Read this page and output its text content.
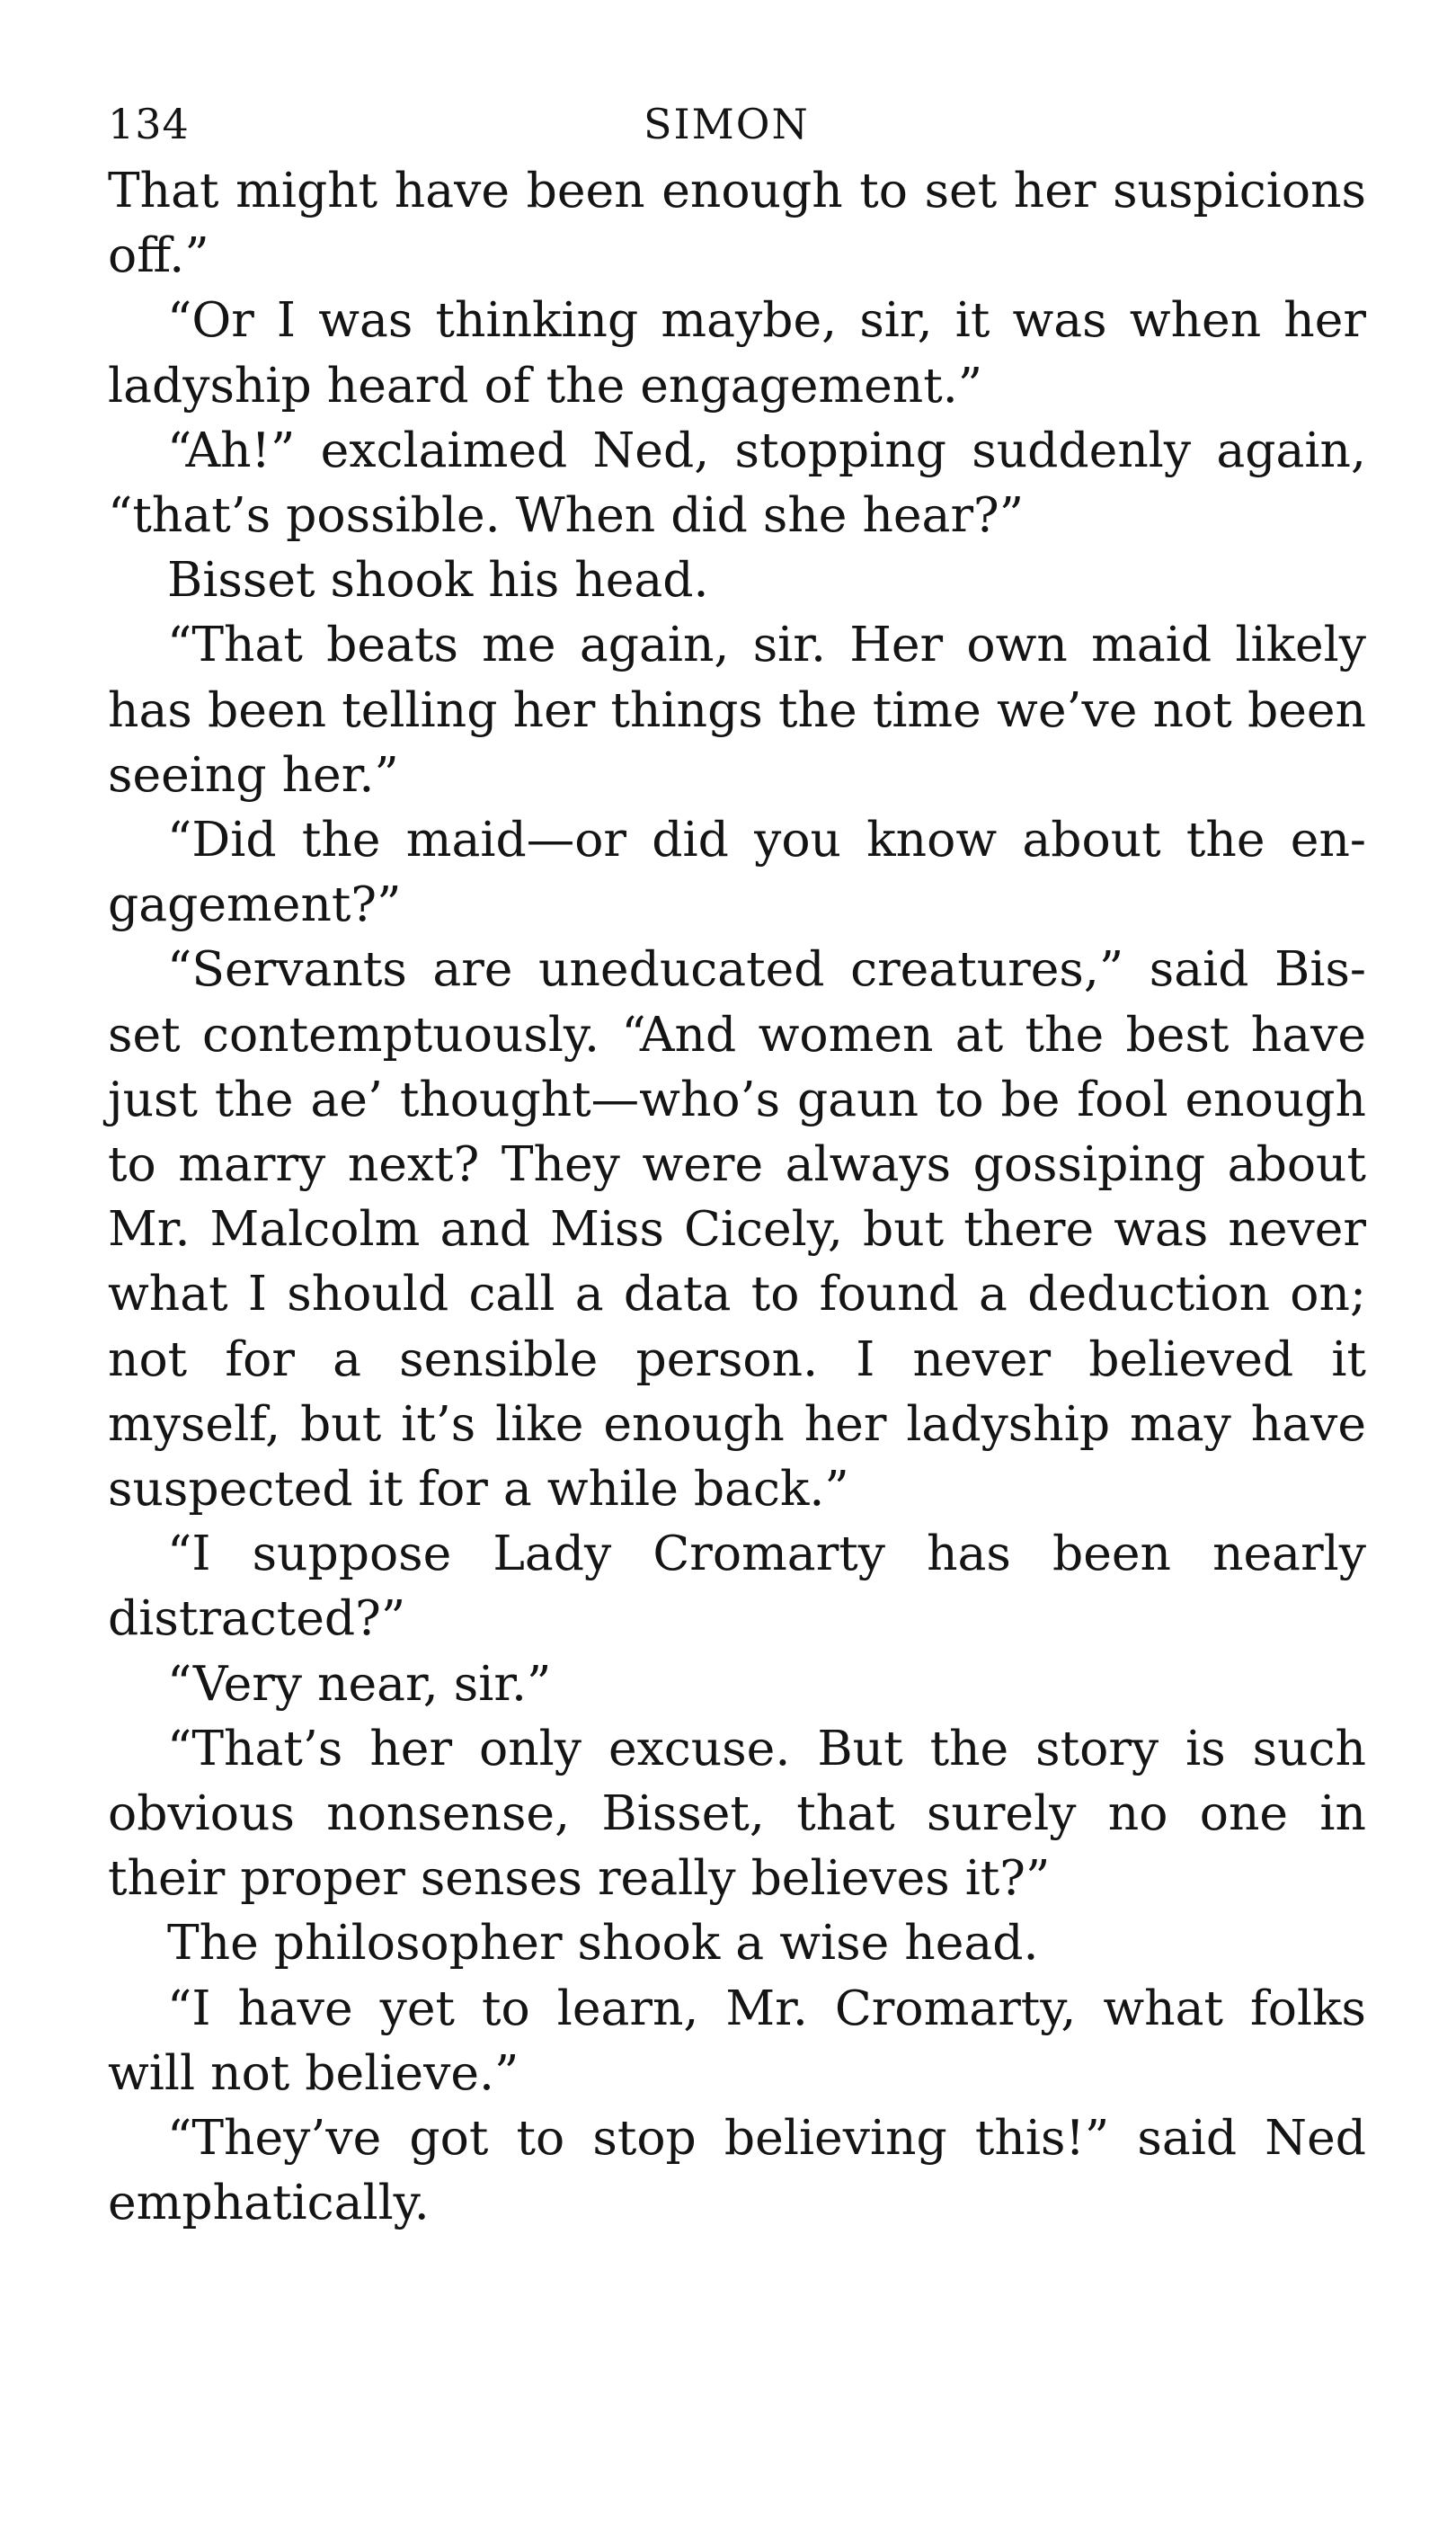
134	SIMON

That might have been enough to set her suspicions off.”

“Or I was thinking maybe, sir, it was when her ladyship heard of the engagement.”

“Ah!” exclaimed Ned, stopping suddenly again, “that’s possible. When did she hear?”

Bisset shook his head.

“That beats me again, sir. Her own maid likely has been telling her things the time we’ve not been seeing her.”

“Did the maid—or did you know about the engagement?”

“Servants are uneducated creatures,” said Bisset contemptuously. “And women at the best have just the ae’ thought—who’s gaun to be fool enough to marry next? They were always gossiping about Mr. Malcolm and Miss Cicely, but there was never what I should call a data to found a deduction on; not for a sensible person. I never believed it myself, but it’s like enough her ladyship may have suspected it for a while back.”

“I suppose Lady Cromarty has been nearly distracted?”

“Very near, sir.”

“That’s her only excuse. But the story is such obvious nonsense, Bisset, that surely no one in their proper senses really believes it?”

The philosopher shook a wise head.

“I have yet to learn, Mr. Cromarty, what folks will not believe.”

“They’ve got to stop believing this!” said Ned emphatically.
